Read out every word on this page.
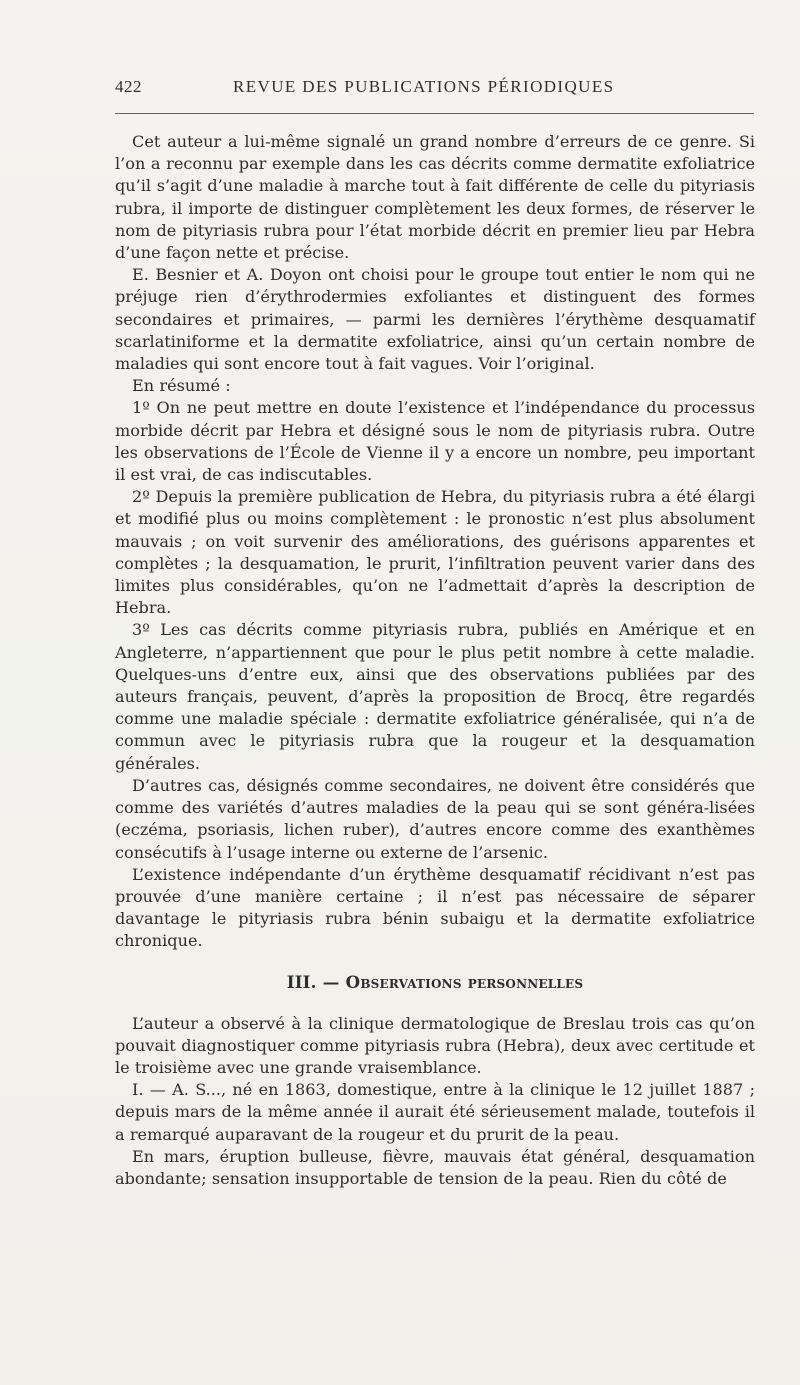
422	REVUE DES PUBLICATIONS PÉRIODIQUES

Cet auteur a lui-même signalé un grand nombre d’erreurs de ce genre. Si l’on a reconnu par exemple dans les cas décrits comme dermatite exfoliatrice qu’il s’agit d’une maladie à marche tout à fait différente de celle du pityriasis rubra, il importe de distinguer complètement les deux formes, de réserver le nom de pityriasis rubra pour l’état morbide décrit en premier lieu par Hebra d’une façon nette et précise.

E. Besnier et A. Doyon ont choisi pour le groupe tout entier le nom qui ne préjuge rien d’érythrodermies exfoliantes et distinguent des formes secondaires et primaires, — parmi les dernières l’érythème desquamatif scarlatiniforme et la dermatite exfoliatrice, ainsi qu’un certain nombre de maladies qui sont encore tout à fait vagues. Voir l’original.

En résumé :

1º On ne peut mettre en doute l’existence et l’indépendance du processus morbide décrit par Hebra et désigné sous le nom de pityriasis rubra. Outre les observations de l’École de Vienne il y a encore un nombre, peu important il est vrai, de cas indiscutables.

2º Depuis la première publication de Hebra, du pityriasis rubra a été élargi et modifié plus ou moins complètement : le pronostic n’est plus absolument mauvais ; on voit survenir des améliorations, des guérisons apparentes et complètes ; la desquamation, le prurit, l’infiltration peuvent varier dans des limites plus considérables, qu’on ne l’admettait d’après la description de Hebra.

3º Les cas décrits comme pityriasis rubra, publiés en Amérique et en Angleterre, n’appartiennent que pour le plus petit nombre à cette maladie. Quelques-uns d’entre eux, ainsi que des observations publiées par des auteurs français, peuvent, d’après la proposition de Brocq, être regardés comme une maladie spéciale : dermatite exfoliatrice généralisée, qui n’a de commun avec le pityriasis rubra que la rougeur et la desquamation générales.

D’autres cas, désignés comme secondaires, ne doivent être considérés que comme des variétés d’autres maladies de la peau qui se sont généra-lisées (eczéma, psoriasis, lichen ruber), d’autres encore comme des exanthèmes consécutifs à l’usage interne ou externe de l’arsenic.

L’existence indépendante d’un érythème desquamatif récidivant n’est pas prouvée d’une manière certaine ; il n’est pas nécessaire de séparer davantage le pityriasis rubra bénin subaigu et la dermatite exfoliatrice chronique.

III. — Observations personnelles

L’auteur a observé à la clinique dermatologique de Breslau trois cas qu’on pouvait diagnostiquer comme pityriasis rubra (Hebra), deux avec certitude et le troisième avec une grande vraisemblance.

I. — A. S..., né en 1863, domestique, entre à la clinique le 12 juillet 1887 ; depuis mars de la même année il aurait été sérieusement malade, toutefois il a remarqué auparavant de la rougeur et du prurit de la peau.

En mars, éruption bulleuse, fièvre, mauvais état général, desquamation abondante; sensation insupportable de tension de la peau. Rien du côté de
